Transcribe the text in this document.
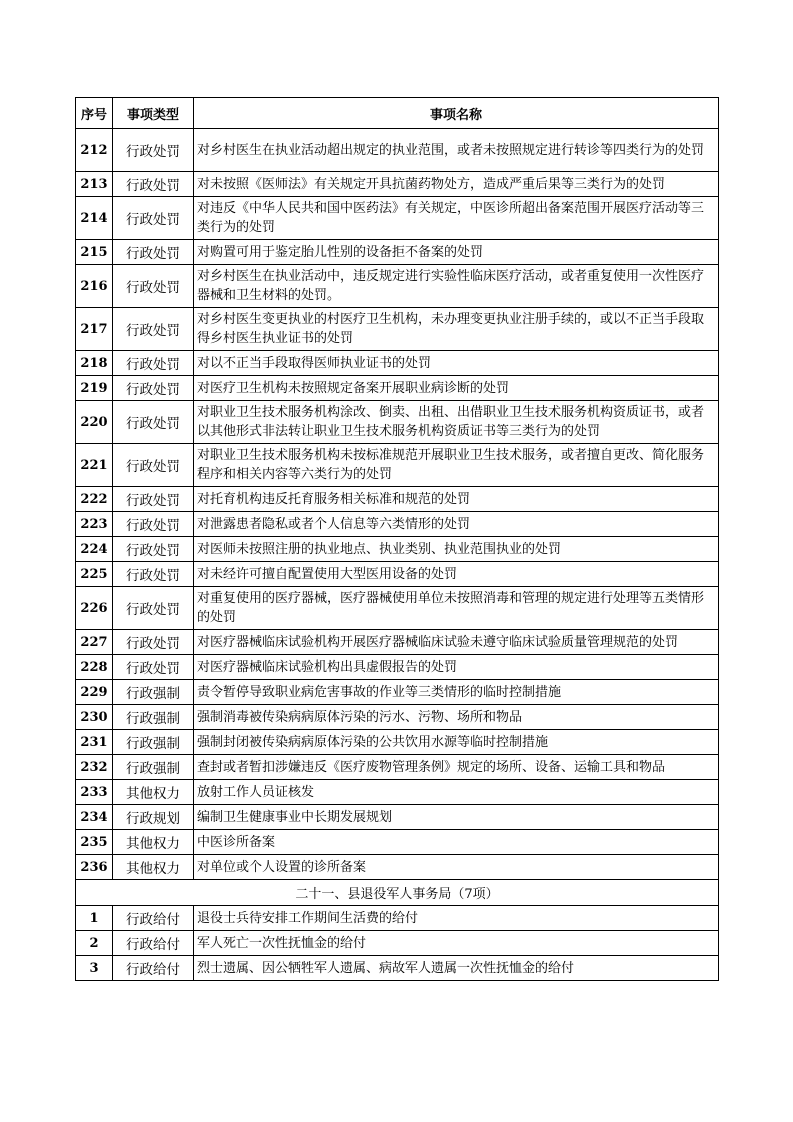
序号	事项类型	事项名称
212	行政处罚	对乡村医生在执业活动超出规定的执业范围，或者未按照规定进行转诊等四类行为的处罚
213	行政处罚	对未按照《医师法》有关规定开具抗菌药物处方，造成严重后果等三类行为的处罚
214	行政处罚	对违反《中华人民共和国中医药法》有关规定，中医诊所超出备案范围开展医疗活动等三类行为的处罚
215	行政处罚	对购置可用于鉴定胎儿性别的设备拒不备案的处罚
216	行政处罚	对乡村医生在执业活动中，违反规定进行实验性临床医疗活动，或者重复使用一次性医疗器械和卫生材料的处罚。
217	行政处罚	对乡村医生变更执业的村医疗卫生机构，未办理变更执业注册手续的，或以不正当手段取得乡村医生执业证书的处罚
218	行政处罚	对以不正当手段取得医师执业证书的处罚
219	行政处罚	对医疗卫生机构未按照规定备案开展职业病诊断的处罚
220	行政处罚	对职业卫生技术服务机构涂改、倒卖、出租、出借职业卫生技术服务机构资质证书，或者以其他形式非法转让职业卫生技术服务机构资质证书等三类行为的处罚
221	行政处罚	对职业卫生技术服务机构未按标准规范开展职业卫生技术服务，或者擅自更改、简化服务程序和相关内容等六类行为的处罚
222	行政处罚	对托育机构违反托育服务相关标准和规范的处罚
223	行政处罚	对泄露患者隐私或者个人信息等六类情形的处罚
224	行政处罚	对医师未按照注册的执业地点、执业类别、执业范围执业的处罚
225	行政处罚	对未经许可擅自配置使用大型医用设备的处罚
226	行政处罚	对重复使用的医疗器械，医疗器械使用单位未按照消毒和管理的规定进行处理等五类情形的处罚
227	行政处罚	对医疗器械临床试验机构开展医疗器械临床试验未遵守临床试验质量管理规范的处罚
228	行政处罚	对医疗器械临床试验机构出具虚假报告的处罚
229	行政强制	责令暂停导致职业病危害事故的作业等三类情形的临时控制措施
230	行政强制	强制消毒被传染病病原体污染的污水、污物、场所和物品
231	行政强制	强制封闭被传染病病原体污染的公共饮用水源等临时控制措施
232	行政强制	查封或者暂扣涉嫌违反《医疗废物管理条例》规定的场所、设备、运输工具和物品
233	其他权力	放射工作人员证核发
234	行政规划	编制卫生健康事业中长期发展规划
235	其他权力	中医诊所备案
236	其他权力	对单位或个人设置的诊所备案
二十一、县退役军人事务局（7项）		
1	行政给付	退役士兵待安排工作期间生活费的给付
2	行政给付	军人死亡一次性抚恤金的给付
3	行政给付	烈士遗属、因公牺牲军人遗属、病故军人遗属一次性抚恤金的给付
